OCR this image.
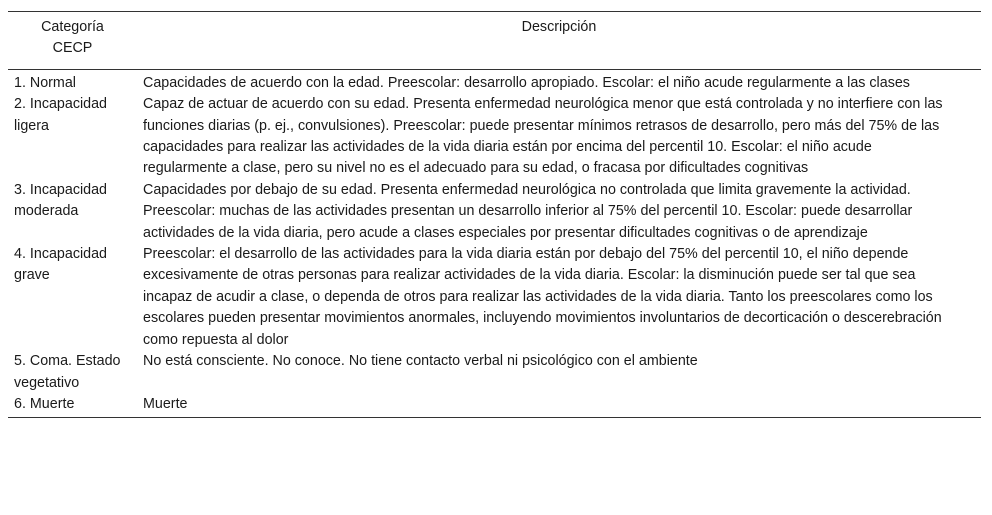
Categoría
CECP	Descripción
1. Normal	Capacidades de acuerdo con la edad. Preescolar: desarrollo apropiado. Escolar: el niño acude regularmente a las clases
2. Incapacidad ligera	Capaz de actuar de acuerdo con su edad. Presenta enfermedad neurológica menor que está controlada y no interfiere con las funciones diarias (p. ej., convulsiones). Preescolar: puede presentar mínimos retrasos de desarrollo, pero más del 75% de las capacidades para realizar las actividades de la vida diaria están por encima del percentil 10. Escolar: el niño acude regularmente a clase, pero su nivel no es el adecuado para su edad, o fracasa por dificultades cognitivas
3. Incapacidad moderada	Capacidades por debajo de su edad. Presenta enfermedad neurológica no controlada que limita gravemente la actividad. Preescolar: muchas de las actividades presentan un desarrollo inferior al 75% del percentil 10. Escolar: puede desarrollar actividades de la vida diaria, pero acude a clases especiales por presentar dificultades cognitivas o de aprendizaje
4. Incapacidad grave	Preescolar: el desarrollo de las actividades para la vida diaria están por debajo del 75% del percentil 10, el niño depende excesivamente de otras personas para realizar actividades de la vida diaria. Escolar: la disminución puede ser tal que sea incapaz de acudir a clase, o dependa de otros para realizar las actividades de la vida diaria. Tanto los preescolares como los escolares pueden presentar movimientos anormales, incluyendo movimientos involuntarios de decorticación o descerebración como repuesta al dolor
5. Coma. Estado vegetativo	No está consciente. No conoce. No tiene contacto verbal ni psicológico con el ambiente
6. Muerte	Muerte
